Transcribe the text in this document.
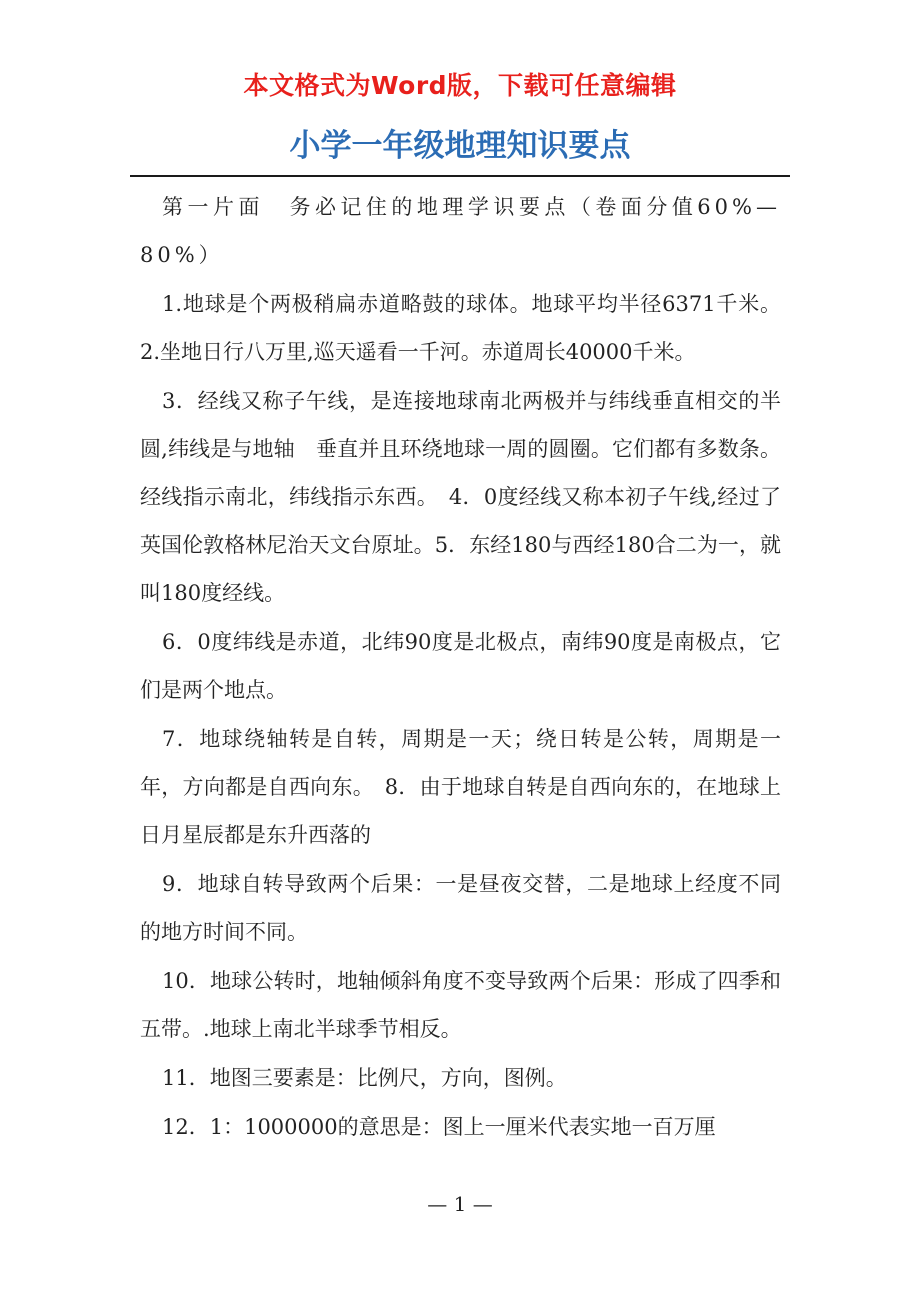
本文格式为Word版，下载可任意编辑
小学一年级地理知识要点

第一片面　务必记住的地理学识要点（卷面分值60%—80%）

1.地球是个两极稍扁赤道略鼓的球体。地球平均半径6371千米。 2.坐地日行八万里,巡天遥看一千河。赤道周长40000千米。

3．经线又称子午线，是连接地球南北两极并与纬线垂直相交的半圆,纬线是与地轴　垂直并且环绕地球一周的圆圈。它们都有多数条。经线指示南北，纬线指示东西。　4．0度经线又称本初子午线,经过了英国伦敦格林尼治天文台原址。5．东经180与西经180合二为一，就叫180度经线。

6．0度纬线是赤道，北纬90度是北极点，南纬90度是南极点，它们是两个地点。

7．地球绕轴转是自转，周期是一天；绕日转是公转，周期是一年，方向都是自西向东。　8．由于地球自转是自西向东的，在地球上日月星辰都是东升西落的

9．地球自转导致两个后果：一是昼夜交替，二是地球上经度不同的地方时间不同。

10．地球公转时，地轴倾斜角度不变导致两个后果：形成了四季和五带。.地球上南北半球季节相反。

11．地图三要素是：比例尺，方向，图例。

12．1：1000000的意思是：图上一厘米代表实地一百万厘

— 1 —
